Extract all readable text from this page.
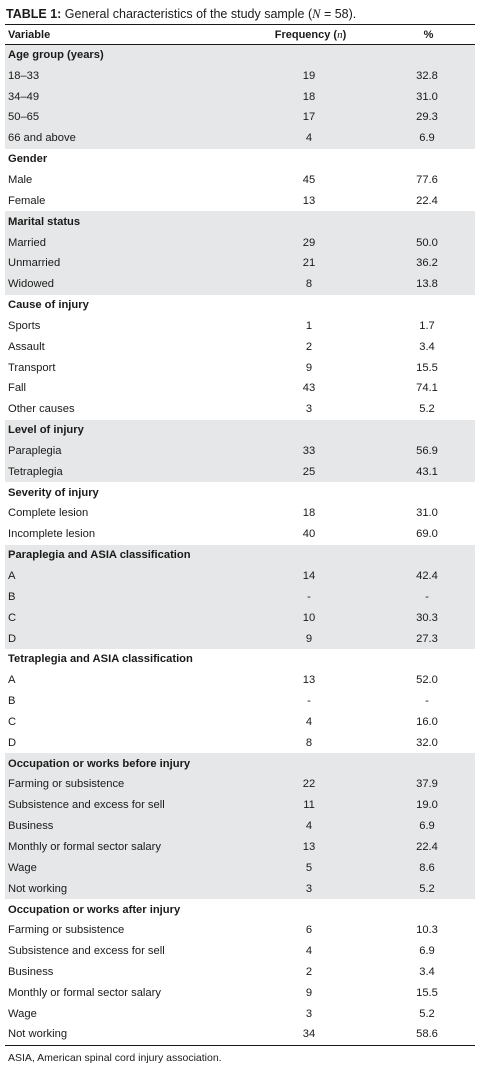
TABLE 1: General characteristics of the study sample (N = 58).
Variable	Frequency (n)	%
Age group (years)		
18–33	19	32.8
34–49	18	31.0
50–65	17	29.3
66 and above	4	6.9
Gender		
Male	45	77.6
Female	13	22.4
Marital status		
Married	29	50.0
Unmarried	21	36.2
Widowed	8	13.8
Cause of injury		
Sports	1	1.7
Assault	2	3.4
Transport	9	15.5
Fall	43	74.1
Other causes	3	5.2
Level of injury		
Paraplegia	33	56.9
Tetraplegia	25	43.1
Severity of injury		
Complete lesion	18	31.0
Incomplete lesion	40	69.0
Paraplegia and ASIA classification		
A	14	42.4
B	-	-
C	10	30.3
D	9	27.3
Tetraplegia and ASIA classification		
A	13	52.0
B	-	-
C	4	16.0
D	8	32.0
Occupation or works before injury		
Farming or subsistence	22	37.9
Subsistence and excess for sell	11	19.0
Business	4	6.9
Monthly or formal sector salary	13	22.4
Wage	5	8.6
Not working	3	5.2
Occupation or works after injury		
Farming or subsistence	6	10.3
Subsistence and excess for sell	4	6.9
Business	2	3.4
Monthly or formal sector salary	9	15.5
Wage	3	5.2
Not working	34	58.6
ASIA, American spinal cord injury association.
